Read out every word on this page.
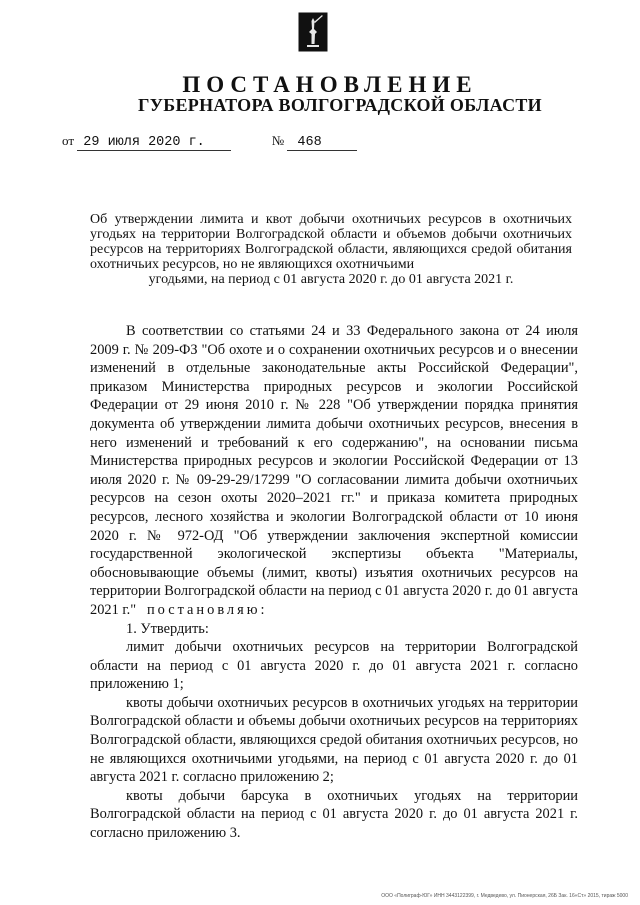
ПОСТАНОВЛЕНИЕ
ГУБЕРНАТОРА ВОЛГОГРАДСКОЙ ОБЛАСТИ
от 29 июля 2020 г.	№ 468
Об утверждении лимита и квот добычи охотничьих ресурсов в охотничьих угодьях на территории Волгоградской области и объемов добычи охотничьих ресурсов на территориях Волгоградской области, являющихся средой обитания охотничьих ресурсов, но не являющихся охотничьими
угодьями, на период с 01 августа 2020 г. до 01 августа 2021 г.

В соответствии со статьями 24 и 33 Федерального закона от 24 июля 2009 г. № 209-ФЗ "Об охоте и о сохранении охотничьих ресурсов и о внесении изменений в отдельные законодательные акты Российской Федерации", приказом Министерства природных ресурсов и экологии Российской Федерации от 29 июня 2010 г. № 228 "Об утверждении порядка принятия документа об утверждении лимита добычи охотничьих ресурсов, внесения в него изменений и требований к его содержанию", на основании письма Министерства природных ресурсов и экологии Российской Федерации от 13 июля 2020 г. № 09-29-29/17299 "О согласовании лимита добычи охотничьих ресурсов на сезон охоты 2020–2021 гг." и приказа комитета природных ресурсов, лесного хозяйства и экологии Волгоградской области от 10 июня 2020 г. № 972-ОД "Об утверждении заключения экспертной комиссии государственной экологической экспертизы объекта "Материалы, обосновывающие объемы (лимит, квоты) изъятия охотничьих ресурсов на территории Волгоградской области на период с 01 августа 2020 г. до 01 августа 2021 г." постановляю:

1. Утвердить:

лимит добычи охотничьих ресурсов на территории Волгоградской области на период с 01 августа 2020 г. до 01 августа 2021 г. согласно приложению 1;

квоты добычи охотничьих ресурсов в охотничьих угодьях на территории Волгоградской области и объемы добычи охотничьих ресурсов на территориях Волгоградской области, являющихся средой обитания охотничьих ресурсов, но не являющихся охотничьими угодьями, на период с 01 августа 2020 г. до 01 августа 2021 г. согласно приложению 2;

квоты добычи барсука в охотничьих угодьях на территории Волгоградской области на период с 01 августа 2020 г. до 01 августа 2021 г. согласно приложению 3.

ООО «Полиграф-ЮГ» ИНН 3443122399, г. Медведево, ул. Пионерская, 26Б Зак. 16«Ст» 2015, тираж 5000
